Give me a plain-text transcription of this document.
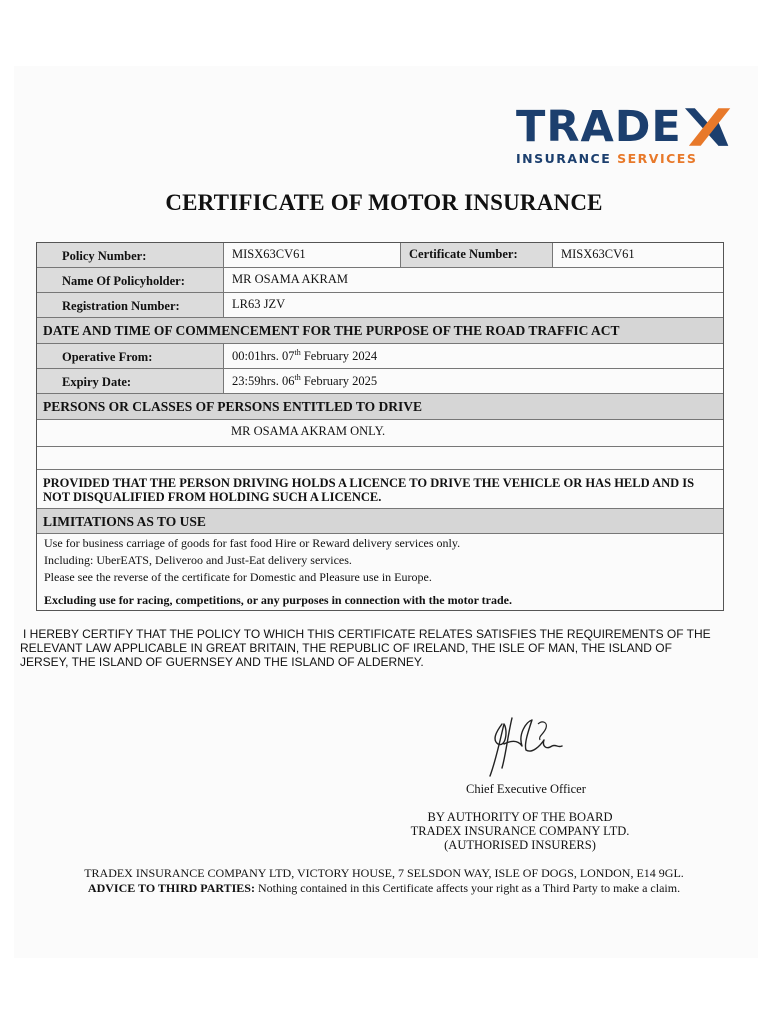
TRADE
INSURANCE SERVICES
CERTIFICATE OF MOTOR INSURANCE
Policy Number:	MISX63CV61	Certificate Number:	MISX63CV61
Name Of Policyholder:	MR OSAMA AKRAM
Registration Number:	LR63 JZV
DATE AND TIME OF COMMENCEMENT FOR THE PURPOSE OF THE ROAD TRAFFIC ACT
Operative From:	00:01hrs. 07th February 2024
Expiry Date:	23:59hrs. 06th February 2025
PERSONS OR CLASSES OF PERSONS ENTITLED TO DRIVE
MR OSAMA AKRAM ONLY.
PROVIDED THAT THE PERSON DRIVING HOLDS A LICENCE TO DRIVE THE VEHICLE OR HAS HELD AND IS NOT DISQUALIFIED FROM HOLDING SUCH A LICENCE.
LIMITATIONS AS TO USE
Use for business carriage of goods for fast food Hire or Reward delivery services only.
Including: UberEATS, Deliveroo and Just-Eat delivery services.
Please see the reverse of the certificate for Domestic and Pleasure use in Europe.
Excluding use for racing, competitions, or any purposes in connection with the motor trade.
I HEREBY CERTIFY THAT THE POLICY TO WHICH THIS CERTIFICATE RELATES SATISFIES THE REQUIREMENTS OF THE RELEVANT LAW APPLICABLE IN GREAT BRITAIN, THE REPUBLIC OF IRELAND, THE ISLE OF MAN, THE ISLAND OF JERSEY, THE ISLAND OF GUERNSEY AND THE ISLAND OF ALDERNEY.
Chief Executive Officer
BY AUTHORITY OF THE BOARD
TRADEX INSURANCE COMPANY LTD.
(AUTHORISED INSURERS)
TRADEX INSURANCE COMPANY LTD, VICTORY HOUSE, 7 SELSDON WAY, ISLE OF DOGS, LONDON, E14 9GL.
ADVICE TO THIRD PARTIES: Nothing contained in this Certificate affects your right as a Third Party to make a claim.
